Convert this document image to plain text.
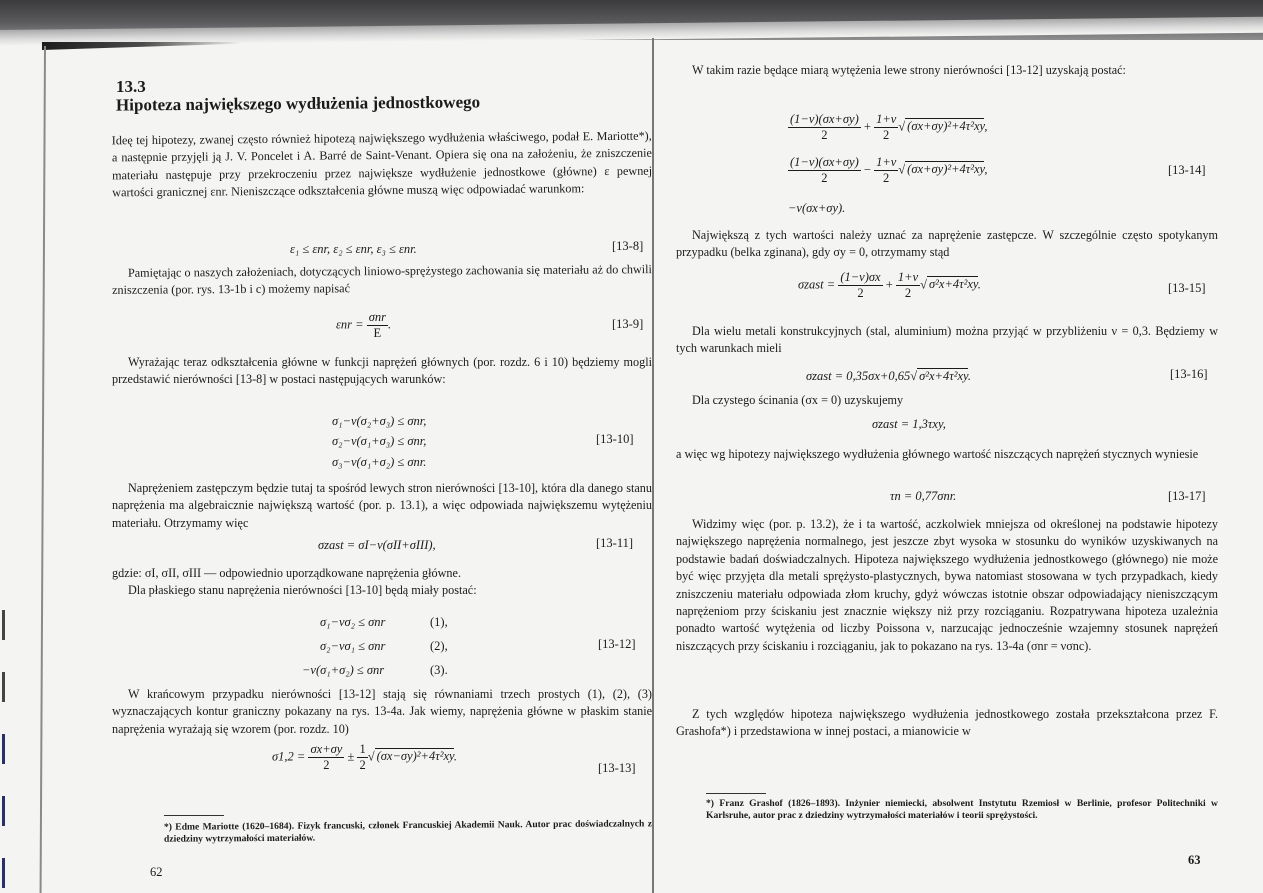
13.3
Hipoteza największego wydłużenia jednostkowego
Ideę tej hipotezy, zwanej często również hipotezą największego wydłużenia właściwego, podał E. Mariotte*), a następnie przyjęli ją J. V. Poncelet i A. Barré de Saint-Venant. Opiera się ona na założeniu, że zniszczenie materiału następuje przy przekroczeniu przez największe wydłużenie jednostkowe (główne) ε pewnej wartości granicznej εnr. Nieniszczące odkształcenia główne muszą więc odpowiadać warunkom:
ε₁ ≤ εnr, ε₂ ≤ εnr, ε₃ ≤ εnr.	[13-8]
Pamiętając o naszych założeniach, dotyczących liniowo-sprężystego zachowania się materiału aż do chwili zniszczenia (por. rys. 13-1b i c) możemy napisać
$\varepsilon nr = \frac{\text{σnr}}{E}$ .	[13-9]
Wyrażając teraz odkształcenia główne w funkcji naprężeń głównych (por. rozdz. 6 i 10) będziemy mogli przedstawić nierówności [13-8] w postaci następujących warunków:
σ₁−ν(σ₂+σ₃) ≤ σnr,
σ₂−ν(σ₁+σ₃) ≤ σnr,
σ₃−ν(σ₁+σ₂) ≤ σnr.
[13-10]
Naprężeniem zastępczym będzie tutaj ta spośród lewych stron nierówności [13-10], która dla danego stanu naprężenia ma algebraicznie największą wartość (por. p. 13.1), a więc odpowiada największemu wytężeniu materiału. Otrzymamy więc
σzast = σI−ν(σII+σIII),	[13-11]
gdzie: σI, σII, σIII — odpowiednio uporządkowane naprężenia główne.
Dla płaskiego stanu naprężenia nierówności [13-10] będą miały postać:
σ₁−νσ₂ ≤ σnr	(1),
σ₂−νσ₁ ≤ σnr	(2),
−ν(σ₁+σ₂) ≤ σnr	(3).
[13-12]
W krańcowym przypadku nierówności [13-12] stają się równaniami trzech prostych (1), (2), (3) wyznaczających kontur graniczny pokazany na rys. 13-4a. Jak wiemy, naprężenia główne w płaskim stanie naprężenia wyrażają się wzorem (por. rozdz. 10)
$\sigma 1,2 = \frac{\sigma x+\sigma y}{2} \pm \frac{1}{2}$ √ (σx−σy)²+4τ²xy.
[13-13]
*) Edme Mariotte (1620–1684). Fizyk francuski, członek Francuskiej Akademii Nauk. Autor prac doświadczalnych z dziedziny wytrzymałości materiałów.
62
W takim razie będące miarą wytężenia lewe strony nierówności [13-12] uzyskają postać:
$\frac{(1-\nu)(\sigma x+\sigma y)}{2} + \frac{1+\nu}{2}$ √ (σx+σy)²+4τ²xy,
$\frac{(1-\nu)(\sigma x+\sigma y)}{2} - \frac{1+\nu}{2}$ √ (σx+σy)²+4τ²xy,	[13-14]
−ν(σx+σy).
Największą z tych wartości należy uznać za naprężenie zastępcze. W szczególnie często spotykanym przypadku (belka zginana), gdy σy = 0, otrzymamy stąd
σzast = $\frac{(1-\nu)\sigma x}{2} + \frac{1+\nu}{2}$ √ σ²x+4τ²xy.	[13-15]
Dla wielu metali konstrukcyjnych (stal, aluminium) można przyjąć w przybliżeniu ν = 0,3. Będziemy w tych warunkach mieli
σzast = 0,35σx+0,65√ σ²x+4τ²xy.	[13-16]
Dla czystego ścinania (σx = 0) uzyskujemy
σzast = 1,3τxy,
a więc wg hipotezy największego wydłużenia głównego wartość niszczących naprężeń stycznych wyniesie
τn = 0,77σnr.	[13-17]
Widzimy więc (por. p. 13.2), że i ta wartość, aczkolwiek mniejsza od określonej na podstawie hipotezy największego naprężenia normalnego, jest jeszcze zbyt wysoka w stosunku do wyników uzyskiwanych na podstawie badań doświadczalnych. Hipoteza największego wydłużenia jednostkowego (głównego) nie może być więc przyjęta dla metali sprężysto-plastycznych, bywa natomiast stosowana w tych przypadkach, kiedy zniszczeniu materiału odpowiada złom kruchy, gdyż wówczas istotnie obszar odpowiadający nieniszczącym naprężeniom przy ściskaniu jest znacznie większy niż przy rozciąganiu. Rozpatrywana hipoteza uzależnia ponadto wartość wytężenia od liczby Poissona ν, narzucając jednocześnie wzajemny stosunek naprężeń niszczących przy ściskaniu i rozciąganiu, jak to pokazano na rys. 13-4a (σnr = νσnc).
Z tych względów hipoteza największego wydłużenia jednostkowego została przekształcona przez F. Grashofa*) i przedstawiona w innej postaci, a mianowicie w
*) Franz Grashof (1826–1893). Inżynier niemiecki, absolwent Instytutu Rzemiosł w Berlinie, profesor Politechniki w Karlsruhe, autor prac z dziedziny wytrzymałości materiałów i teorii sprężystości.
63
